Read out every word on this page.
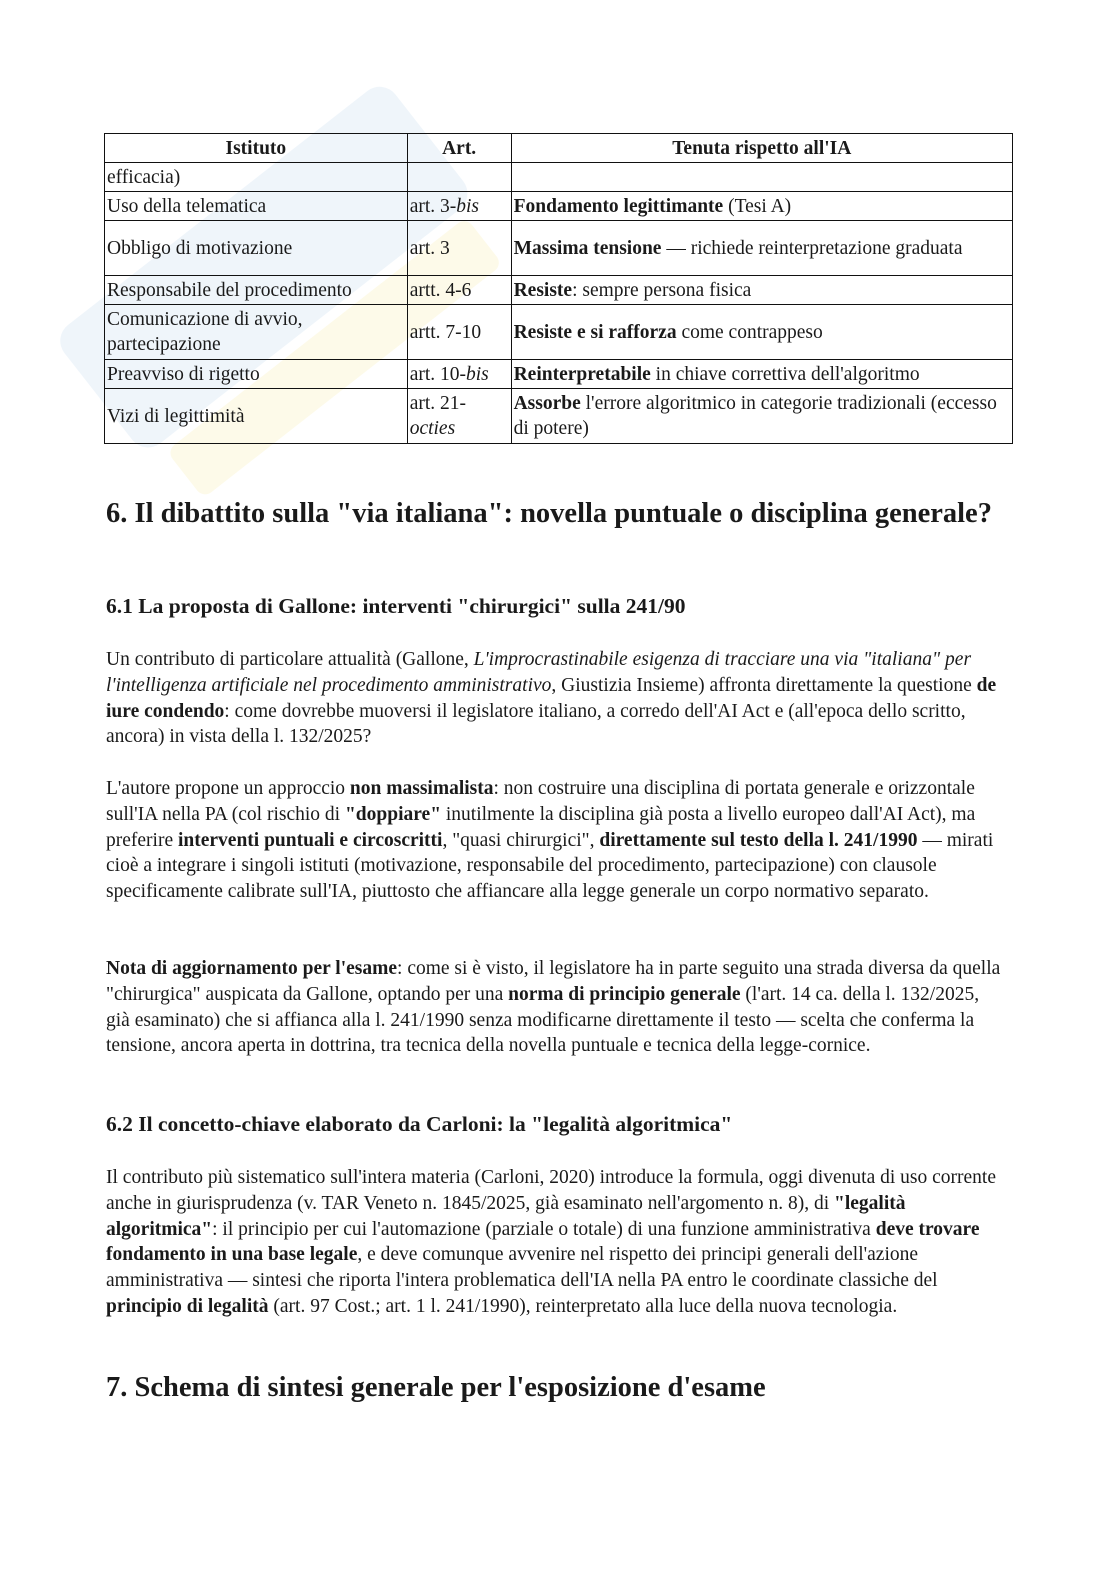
Istituto	Art.	Tenuta rispetto all'IA
efficacia)		
Uso della telematica	art. 3-bis	Fondamento legittimante (Tesi A)
Obbligo di motivazione	art. 3	Massima tensione — richiede reinterpretazione graduata
Responsabile del procedimento	artt. 4-6	Resiste: sempre persona fisica
Comunicazione di avvio, partecipazione	artt. 7-10	Resiste e si rafforza come contrappeso
Preavviso di rigetto	art. 10-bis	Reinterpretabile in chiave correttiva dell'algoritmo
Vizi di legittimità	art. 21-octies	Assorbe l'errore algoritmico in categorie tradizionali (eccesso di potere)
6. Il dibattito sulla "via italiana": novella puntuale o disciplina generale?
6.1 La proposta di Gallone: interventi "chirurgici" sulla 241/90

Un contributo di particolare attualità (Gallone, L'improcrastinabile esigenza di tracciare una via "italiana" per l'intelligenza artificiale nel procedimento amministrativo, Giustizia Insieme) affronta direttamente la questione de iure condendo: come dovrebbe muoversi il legislatore italiano, a corredo dell'AI Act e (all'epoca dello scritto, ancora) in vista della l. 132/2025?

L'autore propone un approccio non massimalista: non costruire una disciplina di portata generale e orizzontale sull'IA nella PA (col rischio di "doppiare" inutilmente la disciplina già posta a livello europeo dall'AI Act), ma preferire interventi puntuali e circoscritti, "quasi chirurgici", direttamente sul testo della l. 241/1990 — mirati cioè a integrare i singoli istituti (motivazione, responsabile del procedimento, partecipazione) con clausole specificamente calibrate sull'IA, piuttosto che affiancare alla legge generale un corpo normativo separato.

Nota di aggiornamento per l'esame: come si è visto, il legislatore ha in parte seguito una strada diversa da quella "chirurgica" auspicata da Gallone, optando per una norma di principio generale (l'art. 14 ca. della l. 132/2025, già esaminato) che si affianca alla l. 241/1990 senza modificarne direttamente il testo — scelta che conferma la tensione, ancora aperta in dottrina, tra tecnica della novella puntuale e tecnica della legge-cornice.

6.2 Il concetto-chiave elaborato da Carloni: la "legalità algoritmica"

Il contributo più sistematico sull'intera materia (Carloni, 2020) introduce la formula, oggi divenuta di uso corrente anche in giurisprudenza (v. TAR Veneto n. 1845/2025, già esaminato nell'argomento n. 8), di "legalità algoritmica": il principio per cui l'automazione (parziale o totale) di una funzione amministrativa deve trovare fondamento in una base legale, e deve comunque avvenire nel rispetto dei principi generali dell'azione amministrativa — sintesi che riporta l'intera problematica dell'IA nella PA entro le coordinate classiche del principio di legalità (art. 97 Cost.; art. 1 l. 241/1990), reinterpretato alla luce della nuova tecnologia.

7. Schema di sintesi generale per l'esposizione d'esame
